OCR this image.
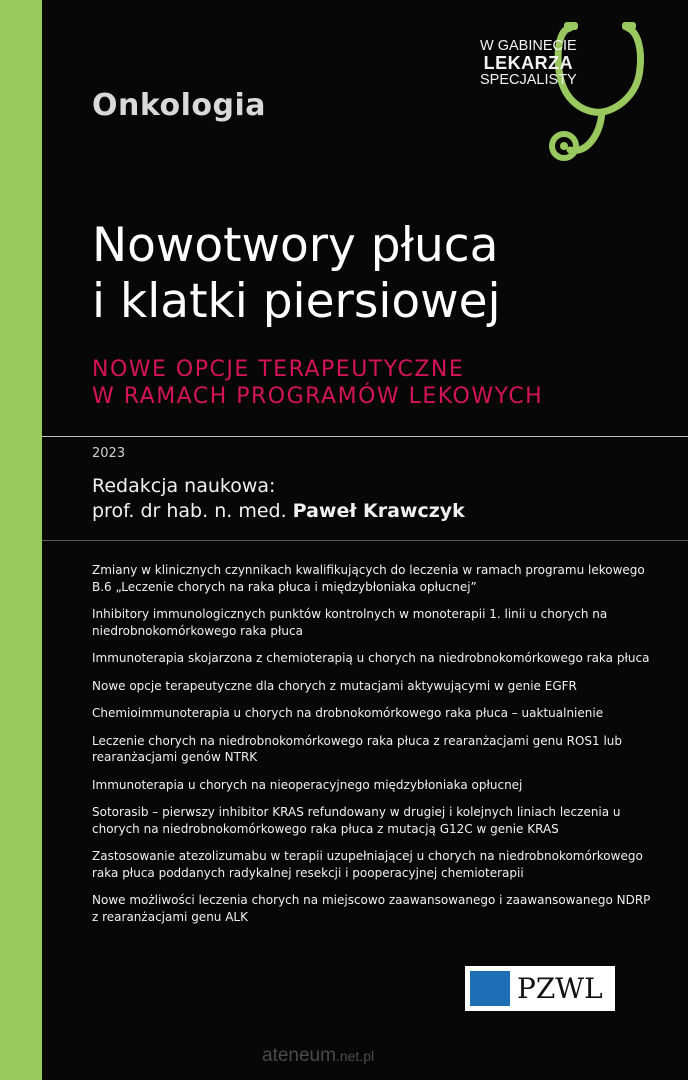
Onkologia
W GABINECIE
LEKARZA
SPECJALISTY
Nowotwory płuca
i klatki piersiowej
NOWE OPCJE TERAPEUTYCZNE
W RAMACH PROGRAMÓW LEKOWYCH
2023
Redakcja naukowa:
prof. dr hab. n. med. Paweł Krawczyk
Zmiany w klinicznych czynnikach kwalifikujących do leczenia w ramach programu lekowego B.6 „Leczenie chorych na raka płuca i międzybłoniaka opłucnej”
Inhibitory immunologicznych punktów kontrolnych w monoterapii 1. linii u chorych na niedrobnokomórkowego raka płuca
Immunoterapia skojarzona z chemioterapią u chorych na niedrobnokomórkowego raka płuca
Nowe opcje terapeutyczne dla chorych z mutacjami aktywującymi w genie EGFR
Chemioimmunoterapia u chorych na drobnokomórkowego raka płuca – uaktualnienie
Leczenie chorych na niedrobnokomórkowego raka płuca z rearanżacjami genu ROS1 lub rearanżacjami genów NTRK
Immunoterapia u chorych na nieoperacyjnego międzybłoniaka opłucnej
Sotorasib – pierwszy inhibitor KRAS refundowany w drugiej i kolejnych liniach leczenia u chorych na niedrobnokomórkowego raka płuca z mutacją G12C w genie KRAS
Zastosowanie atezolizumabu w terapii uzupełniającej u chorych na niedrobnokomórkowego raka płuca poddanych radykalnej resekcji i pooperacyjnej chemioterapii
Nowe możliwości leczenia chorych na miejscowo zaawansowanego i zaawansowanego NDRP z rearanżacjami genu ALK
PZWL
ateneum.net.pl
